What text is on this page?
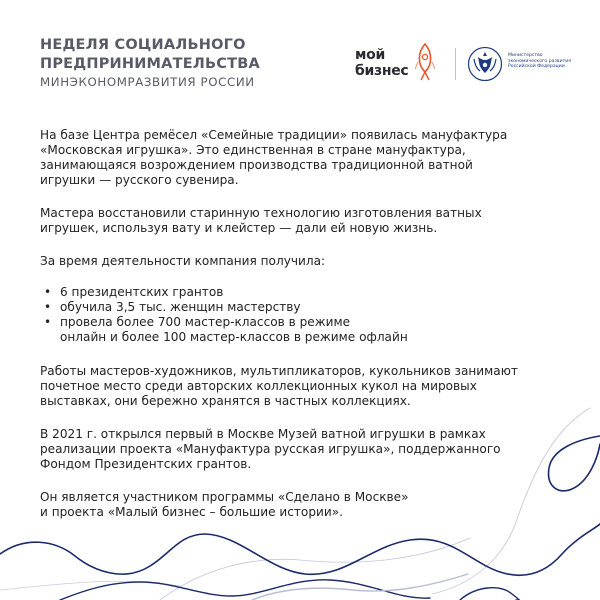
НЕДЕЛЯ СОЦИАЛЬНОГО
ПРЕДПРИНИМАТЕЛЬСТВА
МИНЭКОНОМРАЗВИТИЯ РОССИИ
мой
бизнес
Министерство
экономического развития
Российской Федерации

На базе Центра ремёсел «Семейные традиции» появилась мануфактура
«Московская игрушка». Это единственная в стране мануфактура,
занимающаяся возрождением производства традиционной ватной
игрушки — русского сувенира.

Мастера восстановили старинную технологию изготовления ватных
игрушек, используя вату и клейстер — дали ей новую жизнь.

За время деятельности компания получила:

• 6 президентских грантов
• обучила 3,5 тыс. женщин мастерству
• провела более 700 мастер-классов в режиме
онлайн и более 100 мастер-классов в режиме офлайн

Работы мастеров-художников, мультипликаторов, кукольников занимают
почетное место среди авторских коллекционных кукол на мировых
выставках, они бережно хранятся в частных коллекциях.

В 2021 г. открылся первый в Москве Музей ватной игрушки в рамках
реализации проекта «Мануфактура русская игрушка», поддержанного
Фондом Президентских грантов.

Он является участником программы «Сделано в Москве»
и проекта «Малый бизнес – большие истории».
